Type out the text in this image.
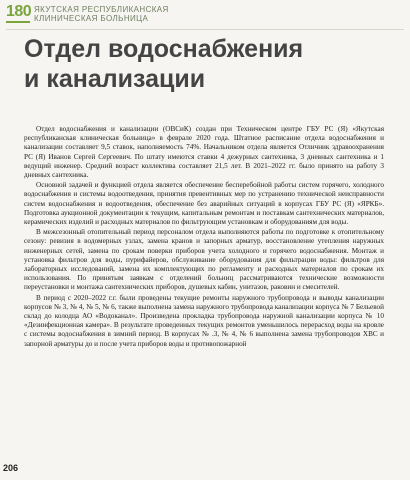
180 ЯКУТСКАЯ РЕСПУБЛИКАНСКАЯ
КЛИНИЧЕСКАЯ БОЛЬНИЦА
Отдел водоснабжения
и канализации

Отдел водоснабжения и канализации (ОВСиК) создан при Техническом центре ГБУ РС (Я) «Якутская республиканская клиническая больница» в феврале 2020 года. Штатное расписание отдела водоснабжения и канализации составляет 9,5 ставок, наполняемость 74%. Начальником отдела является Отличник здравоохранения РС (Я) Иванов Сергей Сергеевич. По штату имеются ставки 4 дежурных сантехника, 3 дневных сантехника и 1 ведущий инженер. Средний возраст коллектива составляет 21,5 лет. В 2021–2022 гг. было принято на работу 3 дневных сантехника.

Основной задачей и функцией отдела является обеспечение бесперебойной работы систем горячего, холодного водоснабжения и системы водоотведения, принятия превентивных мер по устранению технической неисправности систем водоснабжения и водоотведения, обеспечение без аварийных ситуаций в корпусах ГБУ РС (Я) «ЯРКБ». Подготовка аукционной документации к текущим, капитальным ремонтам и поставкам сантехнических материалов, керамических изделий и расходных материалов по фильтрующим установкам и оборудованиям для воды.

В межсезонный отопительный период персоналом отдела выполняются работы по подготовке к отопительному сезону: ревизия в водомерных узлах, замена кранов и запорных арматур, восстановление утепления наружных инженерных сетей, замена по срокам поверки приборов учета холодного и горячего водоснабжения. Монтаж и установка фильтров для воды, пурифайеров, обслуживание оборудования для фильтрации воды: фильтров для лабораторных исследований, замена их комплектующих по регламенту и расходных материалов по срокам их использования. По принятым заявкам с отделений больниц рассматриваются технические возможности переустановки и монтажа сантехнических приборов, душевых кабин, унитазов, раковин и смесителей.

В период с 2020–2022 г.г. были проведены текущие ремонты наружного трубопровода и выводы канализации корпусов № 3, № 4, № 5, № 6, также выполнена замена наружного трубопровода канализации корпуса № 7 Бельевой склад до колодца АО «Водоканал». Произведена прокладка трубопровода наружной канализации корпуса № 10 «Дезинфекционная камера». В результате проведенных текущих ремонтов уменьшилось перерасход воды на кровле с системы водоснабжения в зимний период. В корпусах № .3, № 4, № 6 выполнена замена трубопроводов ХВС и запорной арматуры до и после учета приборов воды и противопожарной

206
